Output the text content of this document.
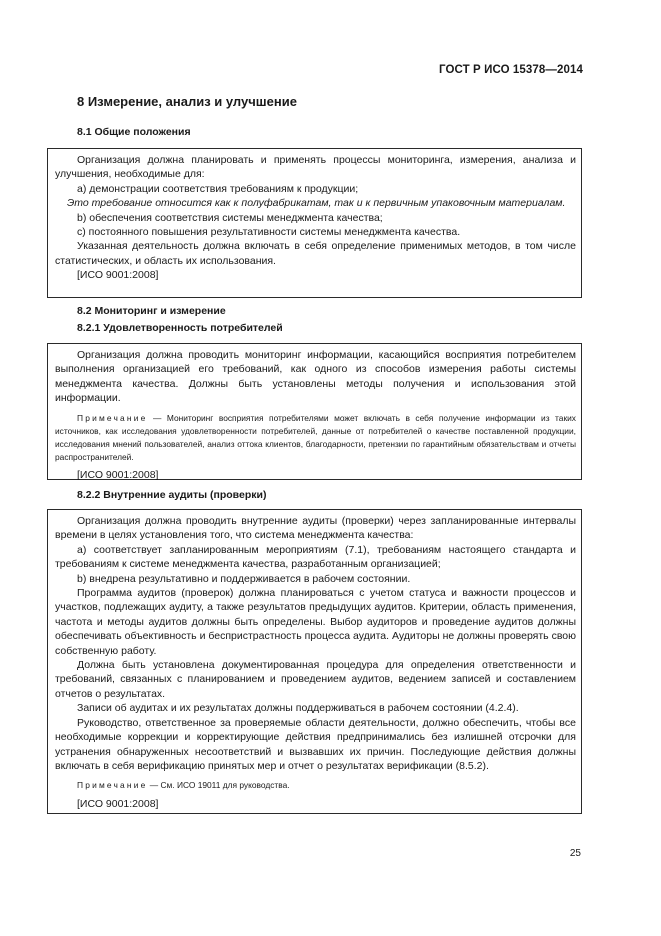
ГОСТ Р ИСО 15378—2014
8 Измерение, анализ и улучшение
8.1 Общие положения

Организация должна планировать и применять процессы мониторинга, измерения, анализа и улучшения, необходимые для:

а) демонстрации соответствия требованиям к продукции;

Это требование относится как к полуфабрикатам, так и к первичным упаковочным материалам.

b) обеспечения соответствия системы менеджмента качества;

с) постоянного повышения результативности системы менеджмента качества.

Указанная деятельность должна включать в себя определение применимых методов, в том числе статистических, и область их использования.

[ИСО 9001:2008]

8.2 Мониторинг и измерение
8.2.1 Удовлетворенность потребителей

Организация должна проводить мониторинг информации, касающийся восприятия потребителем выполнения организацией его требований, как одного из способов измерения работы системы менеджмента качества. Должны быть установлены методы получения и использования этой информации.

Примечание — Мониторинг восприятия потребителями может включать в себя получение информации из таких источников, как исследования удовлетворенности потребителей, данные от потребителей о качестве поставленной продукции, исследования мнений пользователей, анализ оттока клиентов, благодарности, претензии по гарантийным обязательствам и отчеты распространителей.

[ИСО 9001:2008]

8.2.2 Внутренние аудиты (проверки)

Организация должна проводить внутренние аудиты (проверки) через запланированные интервалы времени в целях установления того, что система менеджмента качества:

а) соответствует запланированным мероприятиям (7.1), требованиям настоящего стандарта и требованиям к системе менеджмента качества, разработанным организацией;

b) внедрена результативно и поддерживается в рабочем состоянии.

Программа аудитов (проверок) должна планироваться с учетом статуса и важности процессов и участков, подлежащих аудиту, а также результатов предыдущих аудитов. Критерии, область применения, частота и методы аудитов должны быть определены. Выбор аудиторов и проведение аудитов должны обеспечивать объективность и беспристрастность процесса аудита. Аудиторы не должны проверять свою собственную работу.

Должна быть установлена документированная процедура для определения ответственности и требований, связанных с планированием и проведением аудитов, ведением записей и составлением отчетов о результатах.

Записи об аудитах и их результатах должны поддерживаться в рабочем состоянии (4.2.4).

Руководство, ответственное за проверяемые области деятельности, должно обеспечить, чтобы все необходимые коррекции и корректирующие действия предпринимались без излишней отсрочки для устранения обнаруженных несоответствий и вызвавших их причин. Последующие действия должны включать в себя верификацию принятых мер и отчет о результатах верификации (8.5.2).

Примечание — См. ИСО 19011 для руководства.

[ИСО 9001:2008]

25
